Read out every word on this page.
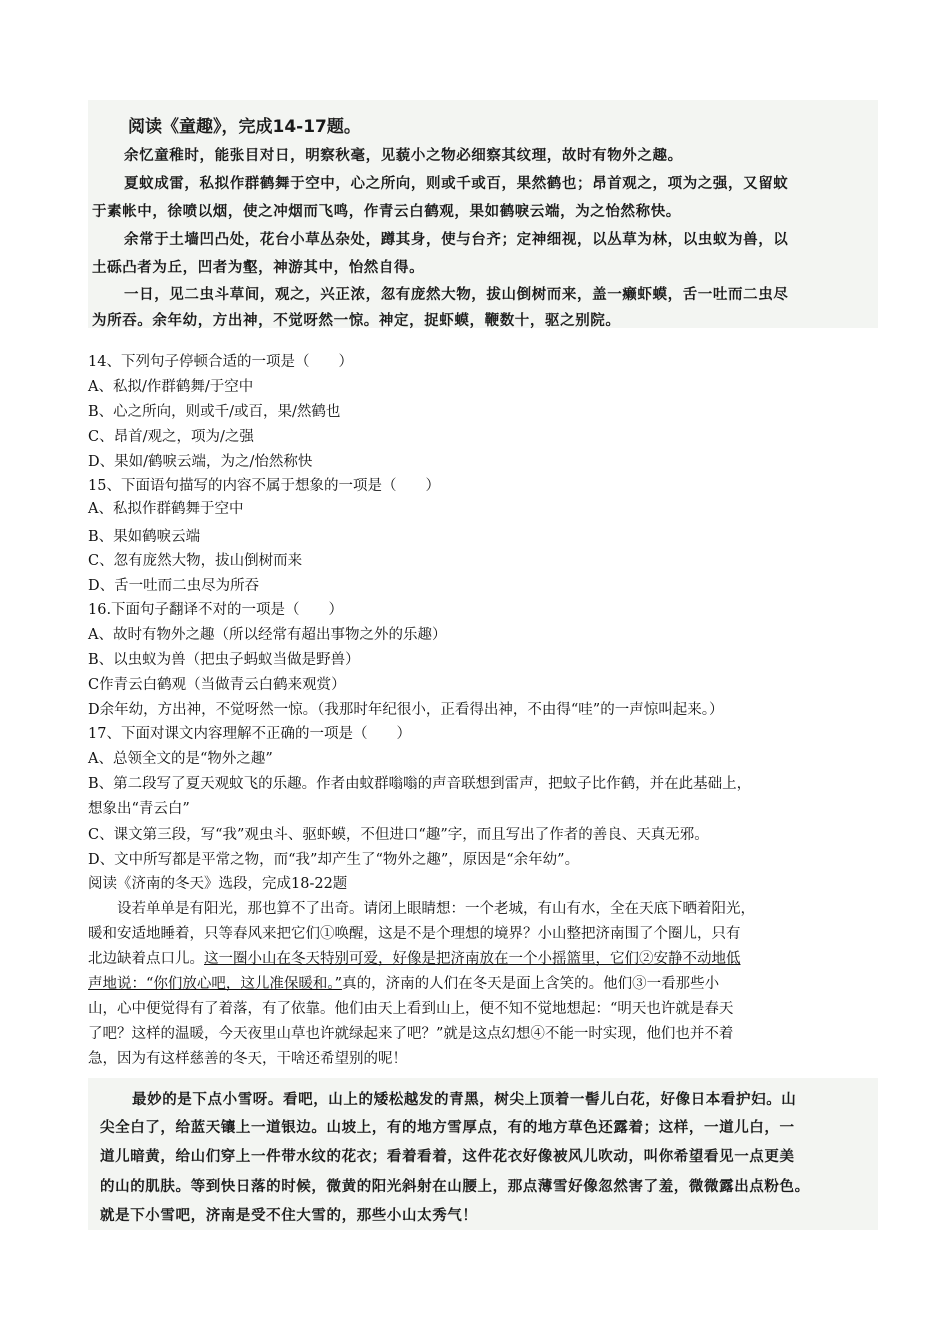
阅读《童趣》，完成14-17题。
余忆童稚时，能张目对日，明察秋毫，见藐小之物必细察其纹理，故时有物外之趣。
夏蚊成雷，私拟作群鹤舞于空中，心之所向，则或千或百，果然鹤也；昂首观之，项为之强，又留蚊
于素帐中，徐喷以烟，使之冲烟而飞鸣，作青云白鹤观，果如鹤唳云端，为之怡然称快。
余常于土墙凹凸处，花台小草丛杂处，蹲其身，使与台齐；定神细视，以丛草为林，以虫蚁为兽，以
土砾凸者为丘，凹者为壑，神游其中，怡然自得。
一日，见二虫斗草间，观之，兴正浓，忽有庞然大物，拔山倒树而来，盖一癞虾蟆，舌一吐而二虫尽
为所吞。余年幼，方出神，不觉呀然一惊。神定，捉虾蟆，鞭数十，驱之别院。
14、下列句子停顿合适的一项是（　　）
A、私拟/作群鹤舞/于空中
B、心之所向，则或千/或百，果/然鹤也
C、昂首/观之，项为/之强
D、果如/鹤唳云端，为之/怡然称快
15、下面语句描写的内容不属于想象的一项是（　　）
A、私拟作群鹤舞于空中
B、果如鹤唳云端
C、忽有庞然大物，拔山倒树而来
D、舌一吐而二虫尽为所吞
16.下面句子翻译不对的一项是（　　）
A、故时有物外之趣（所以经常有超出事物之外的乐趣）
B、以虫蚁为兽（把虫子蚂蚁当做是野兽）
C作青云白鹤观（当做青云白鹤来观赏）
D余年幼，方出神，不觉呀然一惊。（我那时年纪很小，正看得出神，不由得“哇”的一声惊叫起来。）
17、下面对课文内容理解不正确的一项是（　　）
A、总领全文的是“物外之趣”
B、第二段写了夏天观蚊飞的乐趣。作者由蚊群嗡嗡的声音联想到雷声，把蚊子比作鹤，并在此基础上，
想象出“青云白”
C、课文第三段，写“我”观虫斗、驱虾蟆，不但进口“趣”字，而且写出了作者的善良、天真无邪。
D、文中所写都是平常之物，而“我”却产生了“物外之趣”，原因是“余年幼”。
阅读《济南的冬天》选段，完成18-22题
　　设若单单是有阳光，那也算不了出奇。请闭上眼睛想：一个老城，有山有水，全在天底下晒着阳光，
暖和安适地睡着，只等春风来把它们①唤醒，这是不是个理想的境界？小山整把济南围了个圈儿，只有
北边缺着点口儿。这一圈小山在冬天特别可爱，好像是把济南放在一个小摇篮里，它们②安静不动地低
声地说：“你们放心吧，这儿准保暖和。”真的，济南的人们在冬天是面上含笑的。他们③一看那些小
山，心中便觉得有了着落，有了依靠。他们由天上看到山上，便不知不觉地想起：“明天也许就是春天
了吧？这样的温暖，今天夜里山草也许就绿起来了吧？”就是这点幻想④不能一时实现，他们也并不着
急，因为有这样慈善的冬天，干啥还希望别的呢！
最妙的是下点小雪呀。看吧，山上的矮松越发的青黑，树尖上顶着一髻儿白花，好像日本看护妇。山
尖全白了，给蓝天镶上一道银边。山坡上，有的地方雪厚点，有的地方草色还露着；这样，一道儿白，一
道儿暗黄，给山们穿上一件带水纹的花衣；看着看着，这件花衣好像被风儿吹动，叫你希望看见一点更美
的山的肌肤。等到快日落的时候，微黄的阳光斜射在山腰上，那点薄雪好像忽然害了羞，微微露出点粉色。
就是下小雪吧，济南是受不住大雪的，那些小山太秀气！
